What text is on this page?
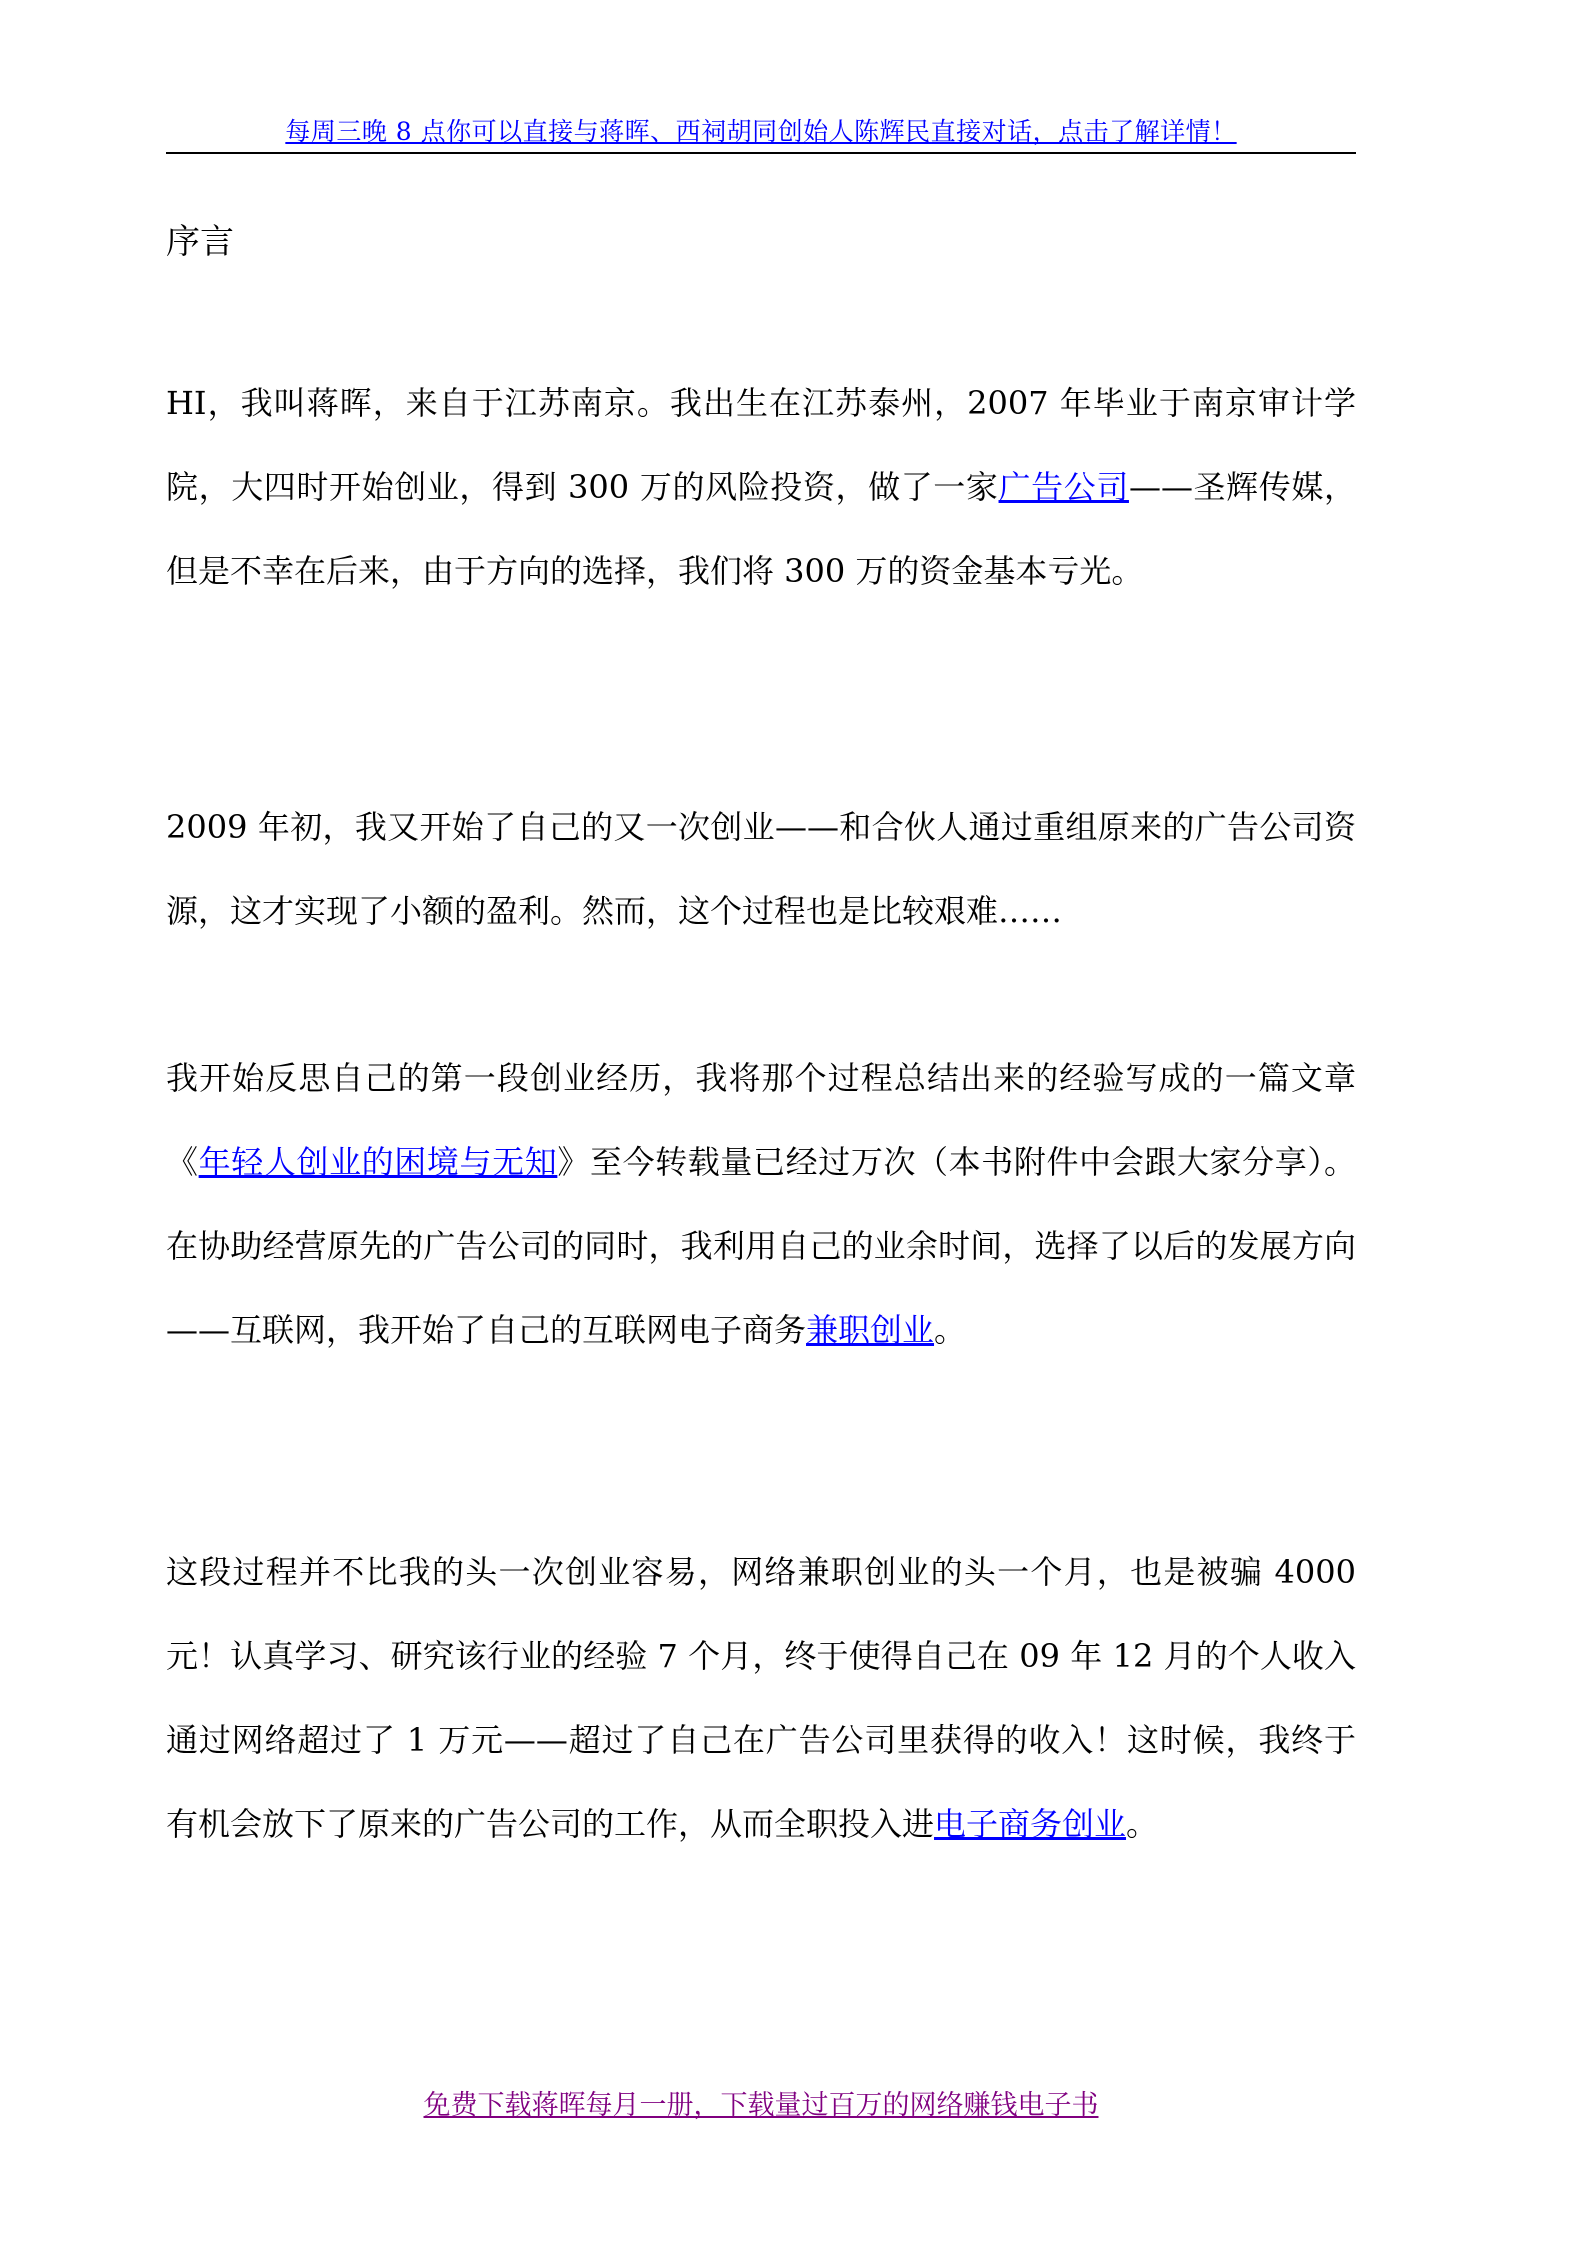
每周三晚 8 点你可以直接与蒋晖、西祠胡同创始人陈辉民直接对话，点击了解详情！
序言

HI，我叫蒋晖，来自于江苏南京。我出生在江苏泰州，2007 年毕业于南京审计学院，大四时开始创业，得到 300 万的风险投资，做了一家广告公司——圣辉传媒，但是不幸在后来，由于方向的选择，我们将 300 万的资金基本亏光。

2009 年初，我又开始了自己的又一次创业——和合伙人通过重组原来的广告公司资源，这才实现了小额的盈利。然而，这个过程也是比较艰难……

我开始反思自己的第一段创业经历，我将那个过程总结出来的经验写成的一篇文章《年轻人创业的困境与无知》至今转载量已经过万次（本书附件中会跟大家分享）。在协助经营原先的广告公司的同时，我利用自己的业余时间，选择了以后的发展方向——互联网，我开始了自己的互联网电子商务兼职创业。

这段过程并不比我的头一次创业容易，网络兼职创业的头一个月，也是被骗 4000 元！认真学习、研究该行业的经验 7 个月，终于使得自己在 09 年 12 月的个人收入通过网络超过了 1 万元——超过了自己在广告公司里获得的收入！这时候，我终于有机会放下了原来的广告公司的工作，从而全职投入进电子商务创业。

免费下载蒋晖每月一册，下载量过百万的网络赚钱电子书
